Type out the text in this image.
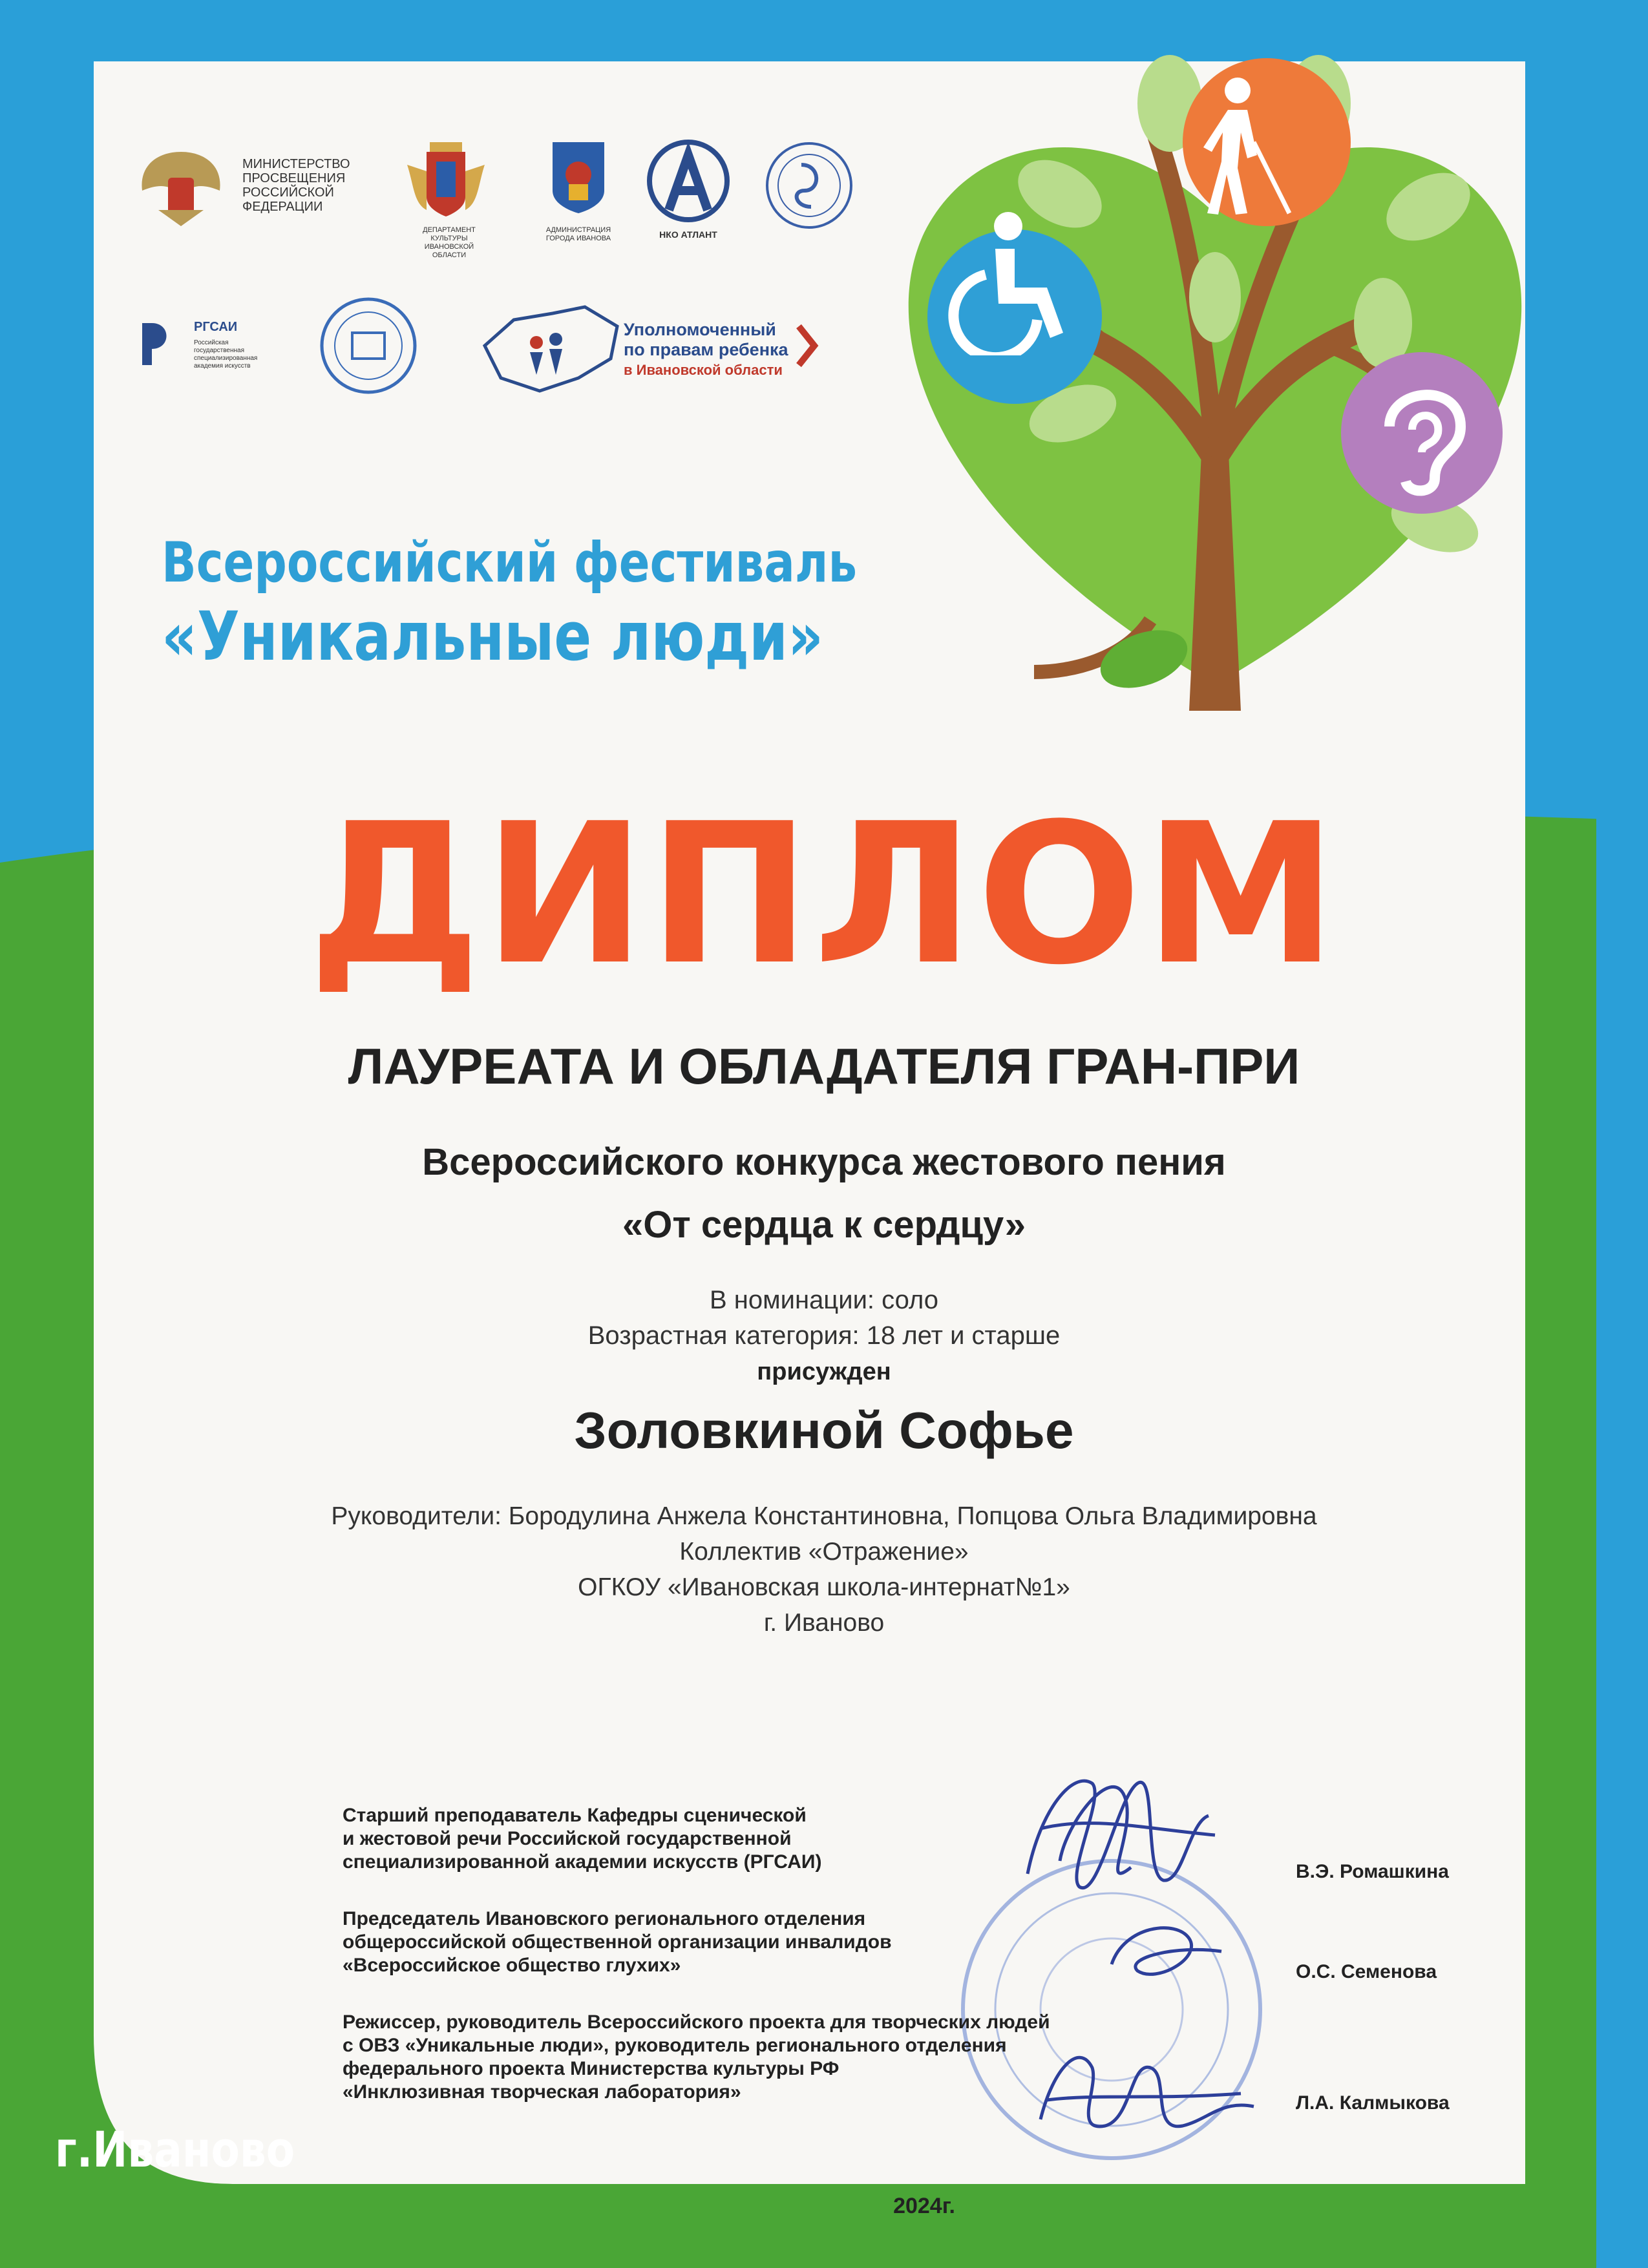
МИНИСТЕРСТВО
ПРОСВЕЩЕНИЯ
РОССИЙСКОЙ
ФЕДЕРАЦИИ
ДЕПАРТАМЕНТ КУЛЬТУРЫ
ИВАНОВСКОЙ ОБЛАСТИ
АДМИНИСТРАЦИЯ
ГОРОДА ИВАНОВА	НКО АТЛАНТ
РГСАИ
Российская
государственная
специализированная
академия искусств
Уполномоченный
по правам ребенка
в Ивановской области
Всероссийский фестиваль
«Уникальные люди»
ДИПЛОМ
ЛАУРЕАТА И ОБЛАДАТЕЛЯ ГРАН-ПРИ
Всероссийского конкурса жестового пения
«От сердца к сердцу»
В номинации: соло
Возрастная категория: 18 лет и старше
присужден
Золовкиной Софье
Руководители: Бородулина Анжела Константиновна, Попцова Ольга Владимировна
Коллектив «Отражение»
ОГКОУ «Ивановская школа-интернат№1»
г. Иваново
Старший преподаватель Кафедры сценической
и жестовой речи Российской государственной
специализированной академии искусств (РГСАИ)	В.Э. Ромашкина
Председатель Ивановского регионального отделения
общероссийской общественной организации инвалидов
«Всероссийское общество глухих»	О.С. Семенова
Режиссер, руководитель Всероссийского проекта для творческих людей
с ОВЗ «Уникальные люди», руководитель регионального отделения
федерального проекта Министерства культуры РФ
«Инклюзивная творческая лаборатория»
Л.А. Калмыкова
г.Иваново
2024г.
